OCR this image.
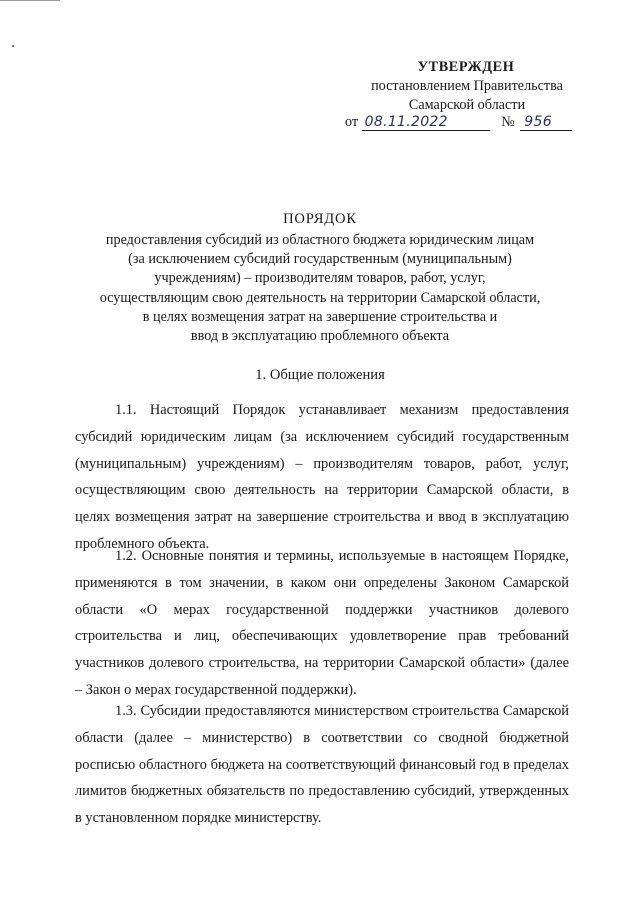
УТВЕРЖДЕН
постановлением Правительства
Самарской области
от 08.11.2022	№ 956
ПОРЯДОК
предоставления субсидий из областного бюджета юридическим лицам
(за исключением субсидий государственным (муниципальным)
учреждениям) – производителям товаров, работ, услуг,
осуществляющим свою деятельность на территории Самарской области,
в целях возмещения затрат на завершение строительства и
ввод в эксплуатацию проблемного объекта
1. Общие положения

1.1. Настоящий Порядок устанавливает механизм предоставления субсидий юридическим лицам (за исключением субсидий государственным (муниципальным) учреждениям) – производителям товаров, работ, услуг, осуществляющим свою деятельность на территории Самарской области, в целях возмещения затрат на завершение строительства и ввод в эксплуатацию проблемного объекта.

1.2. Основные понятия и термины, используемые в настоящем Порядке, применяются в том значении, в каком они определены Законом Самарской области «О мерах государственной поддержки участников долевого строительства и лиц, обеспечивающих удовлетворение прав требований участников долевого строительства, на территории Самарской области» (далее – Закон о мерах государственной поддержки).

1.3. Субсидии предоставляются министерством строительства Самарской области (далее – министерство) в соответствии со сводной бюджетной росписью областного бюджета на соответствующий финансовый год в пределах лимитов бюджетных обязательств по предоставлению субсидий, утвержденных в установленном порядке министерству.
